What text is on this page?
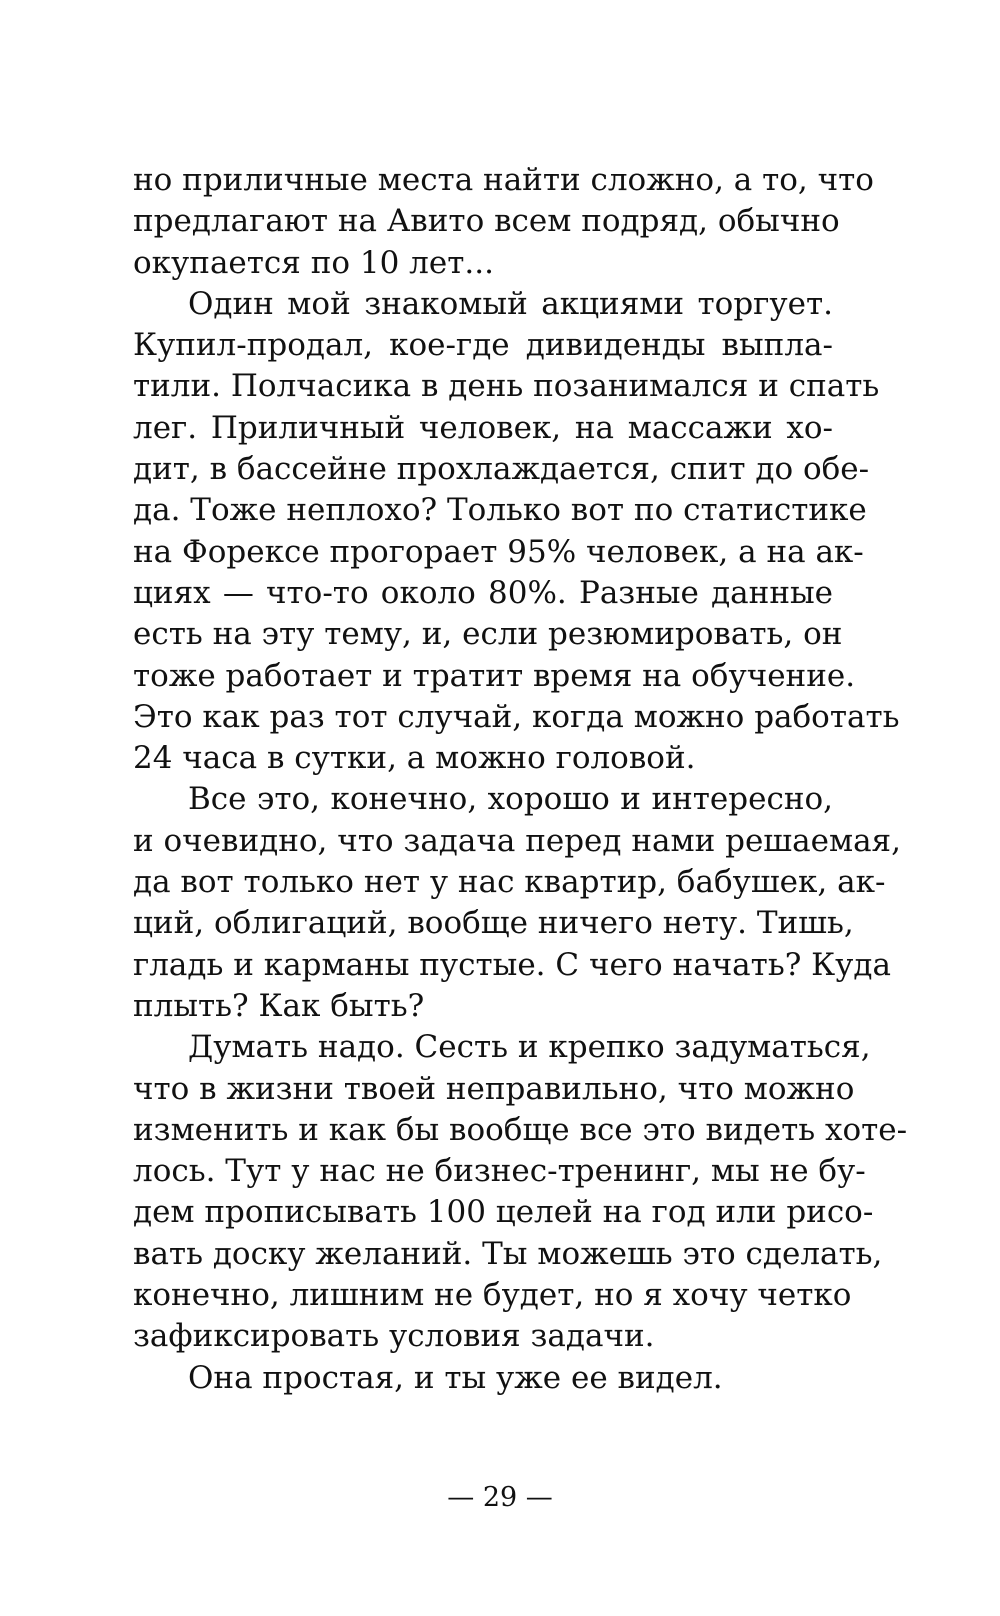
но приличные места найти сложно, а то, что
предлагают на Авито всем подряд, обычно
окупается по 10 лет...
Один мой знакомый акциями торгует.
Купил-продал, кое-где дивиденды выпла-
тили. Полчасика в день позанимался и спать
лег. Приличный человек, на массажи хо-
дит, в бассейне прохлаждается, спит до обе-
да. Тоже неплохо? Только вот по статистике
на Форексе прогорает 95% человек, а на ак-
циях — что-то около 80%. Разные данные
есть на эту тему, и, если резюмировать, он
тоже работает и тратит время на обучение.
Это как раз тот случай, когда можно работать
24 часа в сутки, а можно головой.
Все это, конечно, хорошо и интересно,
и очевидно, что задача перед нами решаемая,
да вот только нет у нас квартир, бабушек, ак-
ций, облигаций, вообще ничего нету. Тишь,
гладь и карманы пустые. С чего начать? Куда
плыть? Как быть?
Думать надо. Сесть и крепко задуматься,
что в жизни твоей неправильно, что можно
изменить и как бы вообще все это видеть хоте-
лось. Тут у нас не бизнес-тренинг, мы не бу-
дем прописывать 100 целей на год или рисо-
вать доску желаний. Ты можешь это сделать,
конечно, лишним не будет, но я хочу четко
зафиксировать условия задачи.
Она простая, и ты уже ее видел.
— 29 —
